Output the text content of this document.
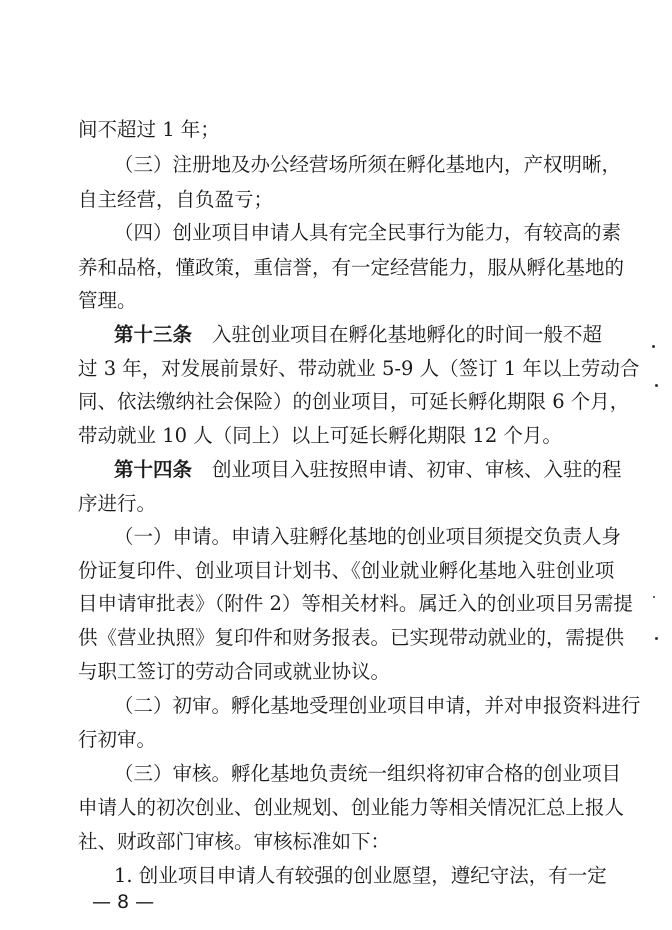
间不超过 1 年；
（三）注册地及办公经营场所须在孵化基地内，产权明晰，
自主经营，自负盈亏；
（四）创业项目申请人具有完全民事行为能力，有较高的素
养和品格，懂政策，重信誉，有一定经营能力，服从孵化基地的
管理。
第十三条 入驻创业项目在孵化基地孵化的时间一般不超
过 3 年，对发展前景好、带动就业 5-9 人（签订 1 年以上劳动合
同、依法缴纳社会保险）的创业项目，可延长孵化期限 6 个月，
带动就业 10 人（同上）以上可延长孵化期限 12 个月。
第十四条 创业项目入驻按照申请、初审、审核、入驻的程
序进行。
（一）申请。申请入驻孵化基地的创业项目须提交负责人身
份证复印件、创业项目计划书、《创业就业孵化基地入驻创业项
目申请审批表》（附件 2）等相关材料。属迁入的创业项目另需提
供《营业执照》复印件和财务报表。已实现带动就业的，需提供
与职工签订的劳动合同或就业协议。
（二）初审。孵化基地受理创业项目申请，并对申报资料进行
行初审。
（三）审核。孵化基地负责统一组织将初审合格的创业项目
申请人的初次创业、创业规划、创业能力等相关情况汇总上报人
社、财政部门审核。审核标准如下：
1. 创业项目申请人有较强的创业愿望，遵纪守法，有一定
— 8 —
